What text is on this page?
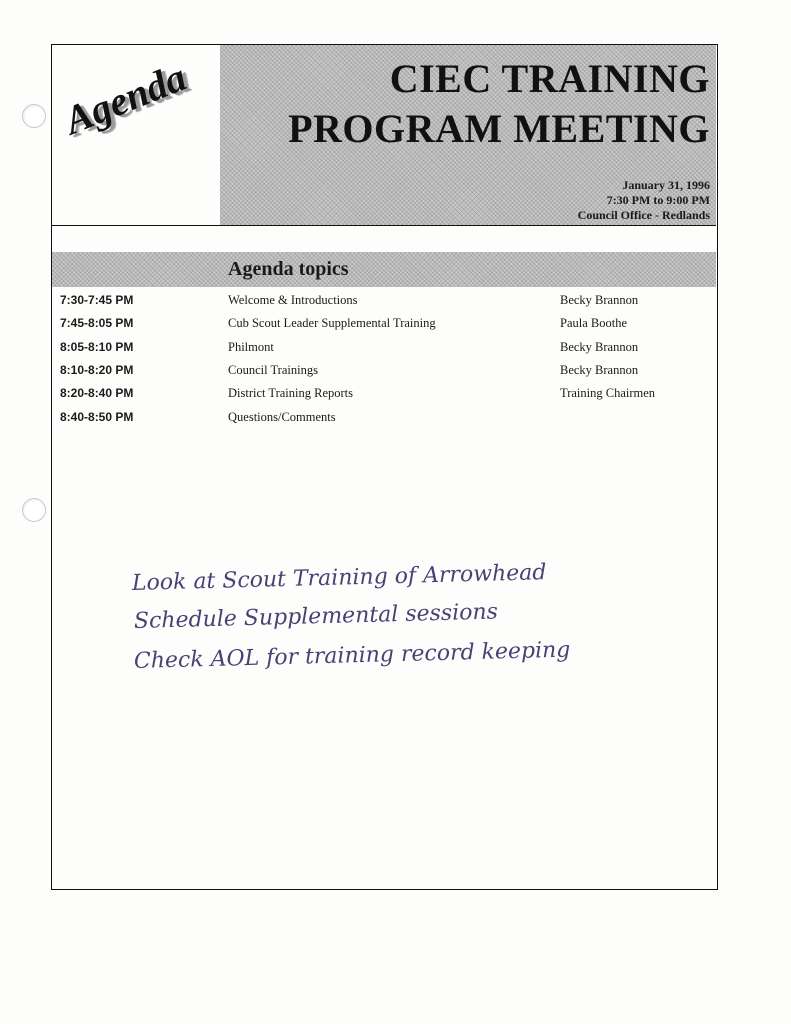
Agenda	CIEC TRAINING
PROGRAM MEETING
January 31, 1996
7:30 PM to 9:00 PM
Council Office - Redlands
Agenda topics
7:30-7:45 PM	Welcome & Introductions	Becky Brannon
7:45-8:05 PM	Cub Scout Leader Supplemental Training	Paula Boothe
8:05-8:10 PM	Philmont	Becky Brannon
8:10-8:20 PM	Council Trainings	Becky Brannon
8:20-8:40 PM	District Training Reports	Training Chairmen
8:40-8:50 PM	Questions/Comments
Look at Scout Training of Arrowhead
Schedule Supplemental sessions
Check AOL for training record keeping
